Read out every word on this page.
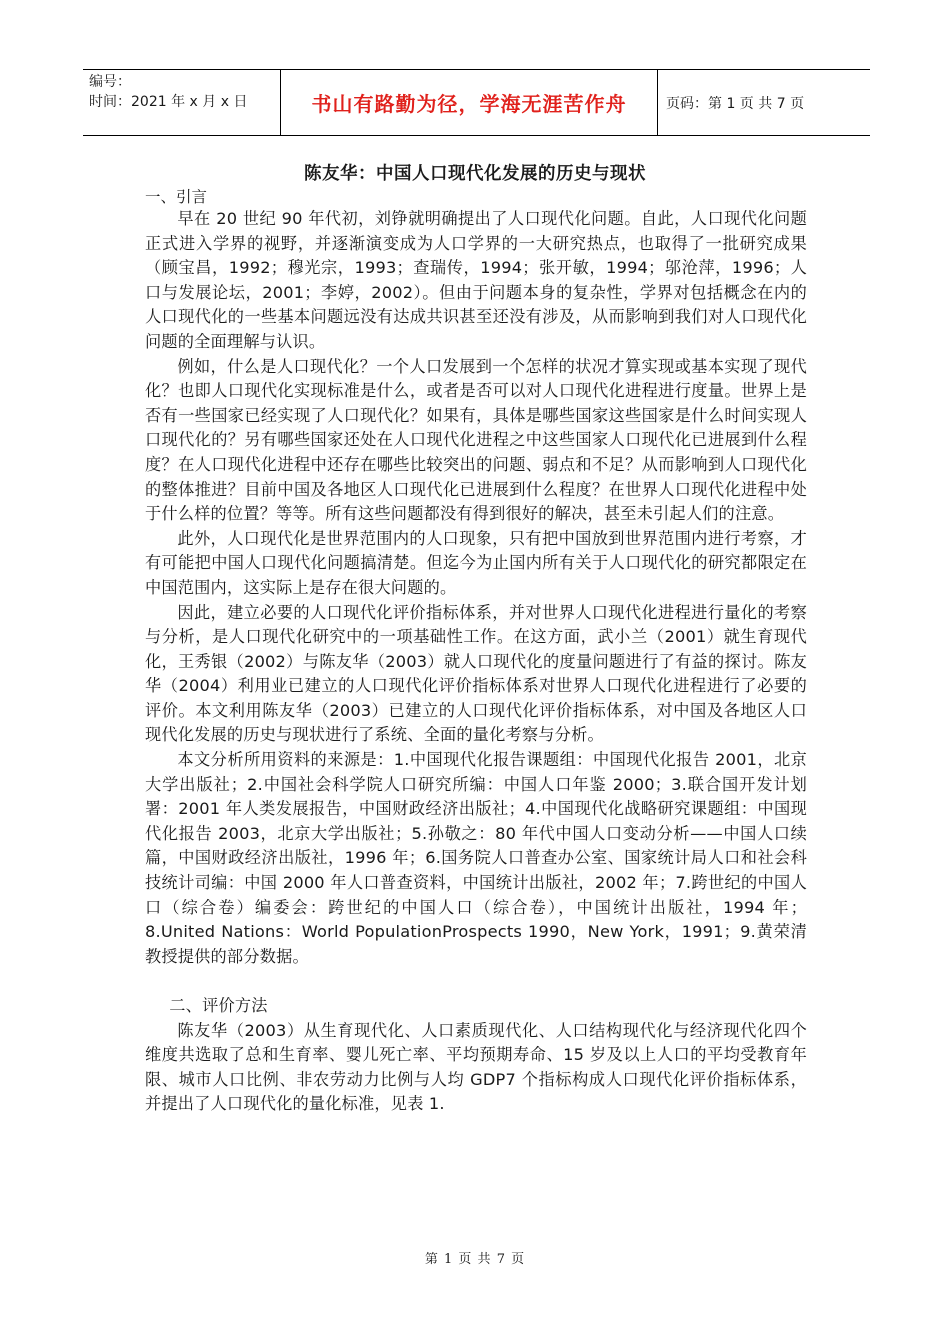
编号：
时间：2021 年 x 月 x 日	书山有路勤为径，学海无涯苦作舟	页码：第 1 页 共 7 页
陈友华：中国人口现代化发展的历史与现状
一、引言

早在 20 世纪 90 年代初，刘铮就明确提出了人口现代化问题。自此，人口现代化问题正式进入学界的视野，并逐渐演变成为人口学界的一大研究热点，也取得了一批研究成果（顾宝昌，1992；穆光宗，1993；查瑞传，1994；张开敏，1994；邬沧萍，1996；人口与发展论坛，2001；李婷，2002）。但由于问题本身的复杂性，学界对包括概念在内的人口现代化的一些基本问题远没有达成共识甚至还没有涉及，从而影响到我们对人口现代化问题的全面理解与认识。

例如，什么是人口现代化？一个人口发展到一个怎样的状况才算实现或基本实现了现代化？也即人口现代化实现标准是什么，或者是否可以对人口现代化进程进行度量。世界上是否有一些国家已经实现了人口现代化？如果有，具体是哪些国家这些国家是什么时间实现人口现代化的？另有哪些国家还处在人口现代化进程之中这些国家人口现代化已进展到什么程度？在人口现代化进程中还存在哪些比较突出的问题、弱点和不足？从而影响到人口现代化的整体推进？目前中国及各地区人口现代化已进展到什么程度？在世界人口现代化进程中处于什么样的位置？等等。所有这些问题都没有得到很好的解决，甚至未引起人们的注意。

此外，人口现代化是世界范围内的人口现象，只有把中国放到世界范围内进行考察，才有可能把中国人口现代化问题搞清楚。但迄今为止国内所有关于人口现代化的研究都限定在中国范围内，这实际上是存在很大问题的。

因此，建立必要的人口现代化评价指标体系，并对世界人口现代化进程进行量化的考察与分析，是人口现代化研究中的一项基础性工作。在这方面，武小兰（2001）就生育现代化，王秀银（2002）与陈友华（2003）就人口现代化的度量问题进行了有益的探讨。陈友华（2004）利用业已建立的人口现代化评价指标体系对世界人口现代化进程进行了必要的评价。本文利用陈友华（2003）已建立的人口现代化评价指标体系，对中国及各地区人口现代化发展的历史与现状进行了系统、全面的量化考察与分析。

本文分析所用资料的来源是：1.中国现代化报告课题组：中国现代化报告 2001，北京大学出版社；2.中国社会科学院人口研究所编：中国人口年鉴 2000；3.联合国开发计划署：2001 年人类发展报告，中国财政经济出版社；4.中国现代化战略研究课题组：中国现代化报告 2003，北京大学出版社；5.孙敬之：80 年代中国人口变动分析——中国人口续篇，中国财政经济出版社，1996 年；6.国务院人口普查办公室、国家统计局人口和社会科技统计司编：中国 2000 年人口普查资料，中国统计出版社，2002 年；7.跨世纪的中国人口（综合卷）编委会：跨世纪的中国人口（综合卷），中国统计出版社，1994 年；8.United Nations：World PopulationProspects 1990，New York，1991；9.黄荣清教授提供的部分数据。

二、评价方法

陈友华（2003）从生育现代化、人口素质现代化、人口结构现代化与经济现代化四个维度共选取了总和生育率、婴儿死亡率、平均预期寿命、15 岁及以上人口的平均受教育年限、城市人口比例、非农劳动力比例与人均 GDP7 个指标构成人口现代化评价指标体系，并提出了人口现代化的量化标准，见表 1.

第 1 页 共 7 页
